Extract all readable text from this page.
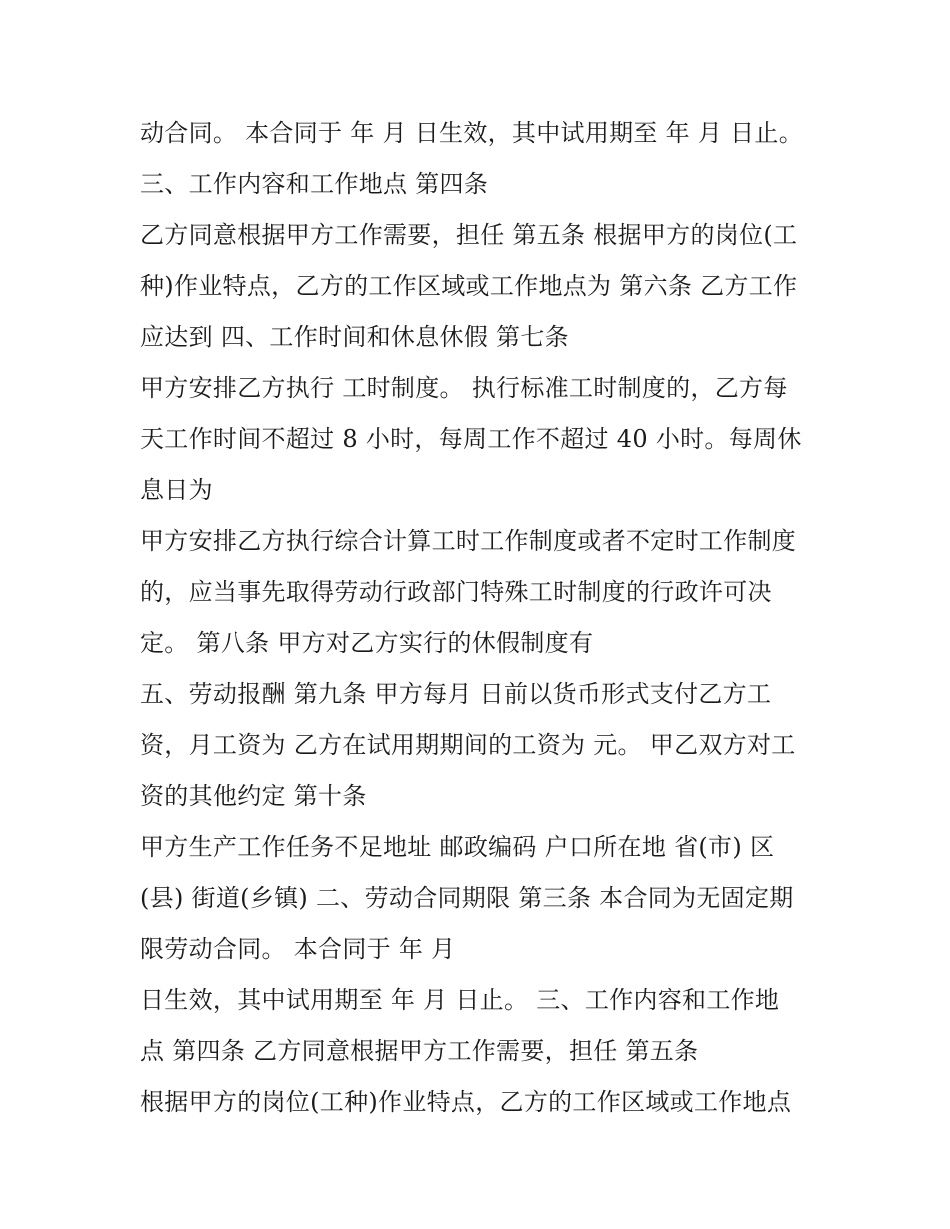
动合同。 本合同于 年 月 日生效，其中试用期至 年 月 日止。
三、工作内容和工作地点 第四条
乙方同意根据甲方工作需要，担任 第五条 根据甲方的岗位(工
种)作业特点，乙方的工作区域或工作地点为 第六条 乙方工作
应达到 四、工作时间和休息休假 第七条
甲方安排乙方执行 工时制度。 执行标准工时制度的，乙方每
天工作时间不超过 8 小时，每周工作不超过 40 小时。每周休
息日为
甲方安排乙方执行综合计算工时工作制度或者不定时工作制度
的，应当事先取得劳动行政部门特殊工时制度的行政许可决
定。 第八条 甲方对乙方实行的休假制度有
五、劳动报酬 第九条 甲方每月 日前以货币形式支付乙方工
资，月工资为 乙方在试用期期间的工资为 元。 甲乙双方对工
资的其他约定 第十条
甲方生产工作任务不足地址 邮政编码 户口所在地 省(市) 区
(县) 街道(乡镇) 二、劳动合同期限 第三条 本合同为无固定期
限劳动合同。 本合同于 年 月
日生效，其中试用期至 年 月 日止。 三、工作内容和工作地
点 第四条 乙方同意根据甲方工作需要，担任 第五条
根据甲方的岗位(工种)作业特点，乙方的工作区域或工作地点
